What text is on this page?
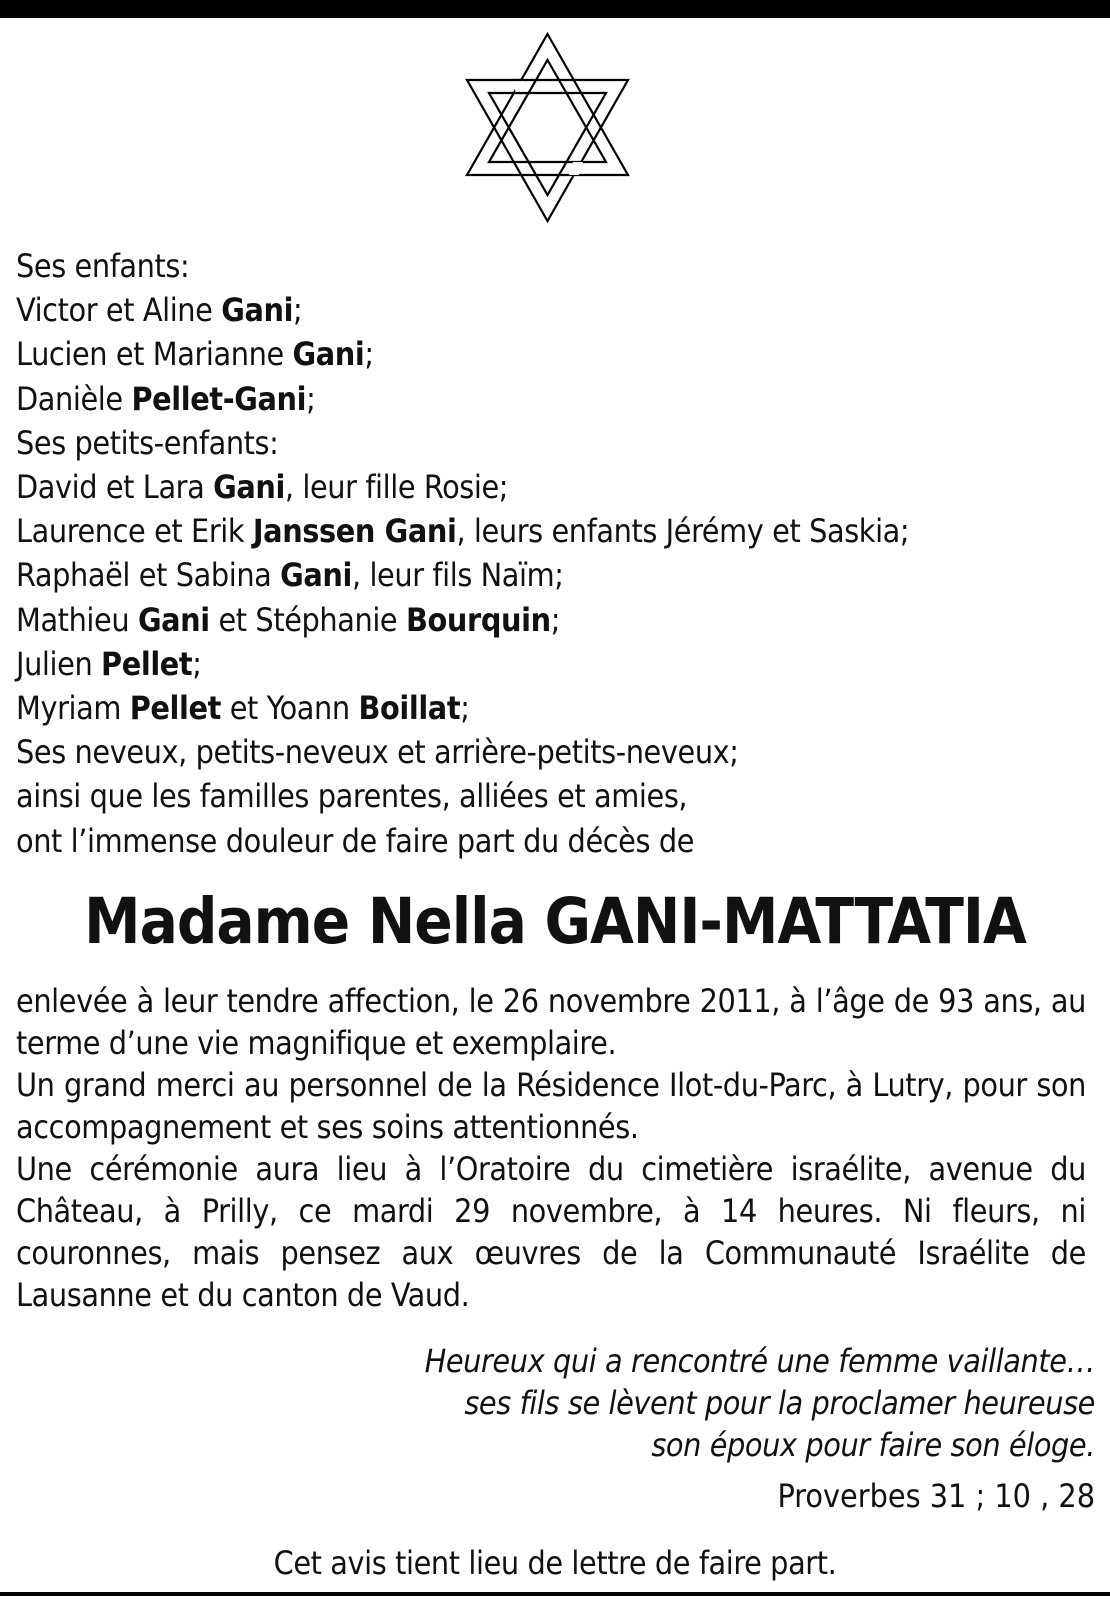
Ses enfants:
Victor et Aline Gani;
Lucien et Marianne Gani;
Danièle Pellet-Gani;
Ses petits-enfants:
David et Lara Gani, leur fille Rosie;
Laurence et Erik Janssen Gani, leurs enfants Jérémy et Saskia;
Raphaël et Sabina Gani, leur fils Naïm;
Mathieu Gani et Stéphanie Bourquin;
Julien Pellet;
Myriam Pellet et Yoann Boillat;
Ses neveux, petits-neveux et arrière-petits-neveux;
ainsi que les familles parentes, alliées et amies,
ont l’immense douleur de faire part du décès de
Madame Nella GANI-MATTATIA

enlevée à leur tendre affection, le 26 novembre 2011, à l’âge de 93 ans, au terme d’une vie magnifique et exemplaire.

Un grand merci au personnel de la Résidence Ilot-du-Parc, à Lutry, pour son accompagnement et ses soins attentionnés.

Une cérémonie aura lieu à l’Oratoire du cimetière israélite, avenue du Château, à Prilly, ce mardi 29 novembre, à 14 heures. Ni fleurs, ni couronnes, mais pensez aux œuvres de la Communauté Israélite de Lausanne et du canton de Vaud.

Heureux qui a rencontré une femme vaillante…
ses fils se lèvent pour la proclamer heureuse
son époux pour faire son éloge.
Proverbes 31 ; 10 , 28
Cet avis tient lieu de lettre de faire part.
